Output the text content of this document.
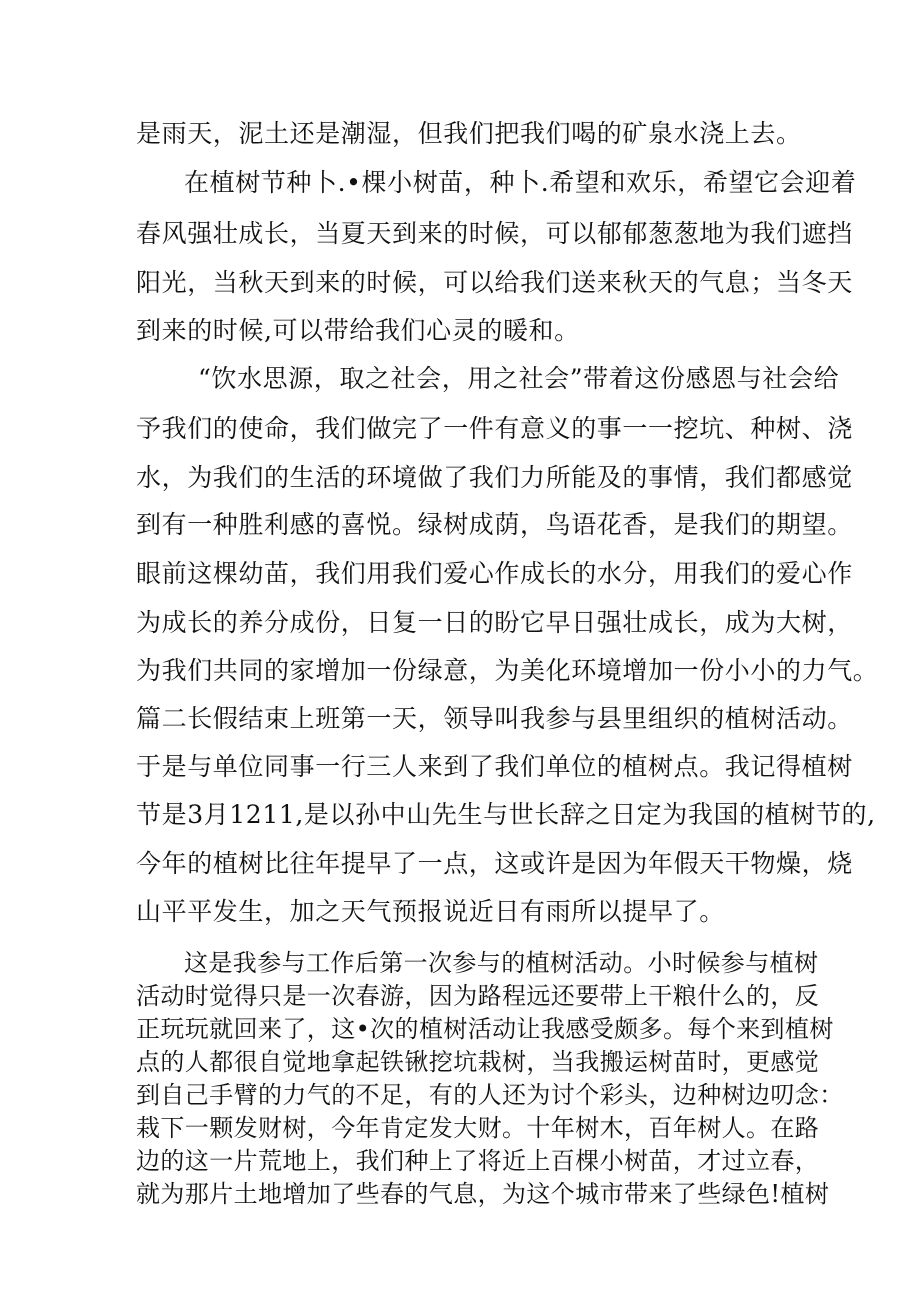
是雨天，泥土还是潮湿，但我们把我们喝的矿泉水浇上去。
在植树节种卜.•棵小树苗，种卜.希望和欢乐，希望它会迎着
春风强壮成长，当夏天到来的时候，可以郁郁葱葱地为我们遮挡
阳光，当秋天到来的时候，可以给我们送来秋天的气息；当冬天
到来的时候,可以带给我们心灵的暖和。
“饮水思源，取之社会，用之社会”带着这份感恩与社会给
予我们的使命，我们做完了一件有意义的事一一挖坑、种树、浇
水，为我们的生活的环境做了我们力所能及的事情，我们都感觉
到有一种胜利感的喜悦。绿树成荫，鸟语花香，是我们的期望。
眼前这棵幼苗，我们用我们爱心作成长的水分，用我们的爱心作
为成长的养分成份，日复一日的盼它早日强壮成长，成为大树，
为我们共同的家增加一份绿意，为美化环境增加一份小小的力气。
篇二长假结束上班第一天，领导叫我参与县里组织的植树活动。
于是与单位同事一行三人来到了我们单位的植树点。我记得植树
节是3月1211,是以孙中山先生与世长辞之日定为我国的植树节的,
今年的植树比往年提早了一点，这或许是因为年假天干物燥，烧
山平平发生，加之天气预报说近日有雨所以提早了。
这是我参与工作后第一次参与的植树活动。小时候参与植树
活动时觉得只是一次春游，因为路程远还要带上干粮什么的，反
正玩玩就回来了，这•次的植树活动让我感受颇多。每个来到植树
点的人都很自觉地拿起铁锹挖坑栽树，当我搬运树苗时，更感觉
到自己手臂的力气的不足，有的人还为讨个彩头，边种树边叨念：
栽下一颗发财树，今年肯定发大财。十年树木，百年树人。在路
边的这一片荒地上，我们种上了将近上百棵小树苗，才过立春，
就为那片土地增加了些春的气息，为这个城市带来了些绿色!植树
